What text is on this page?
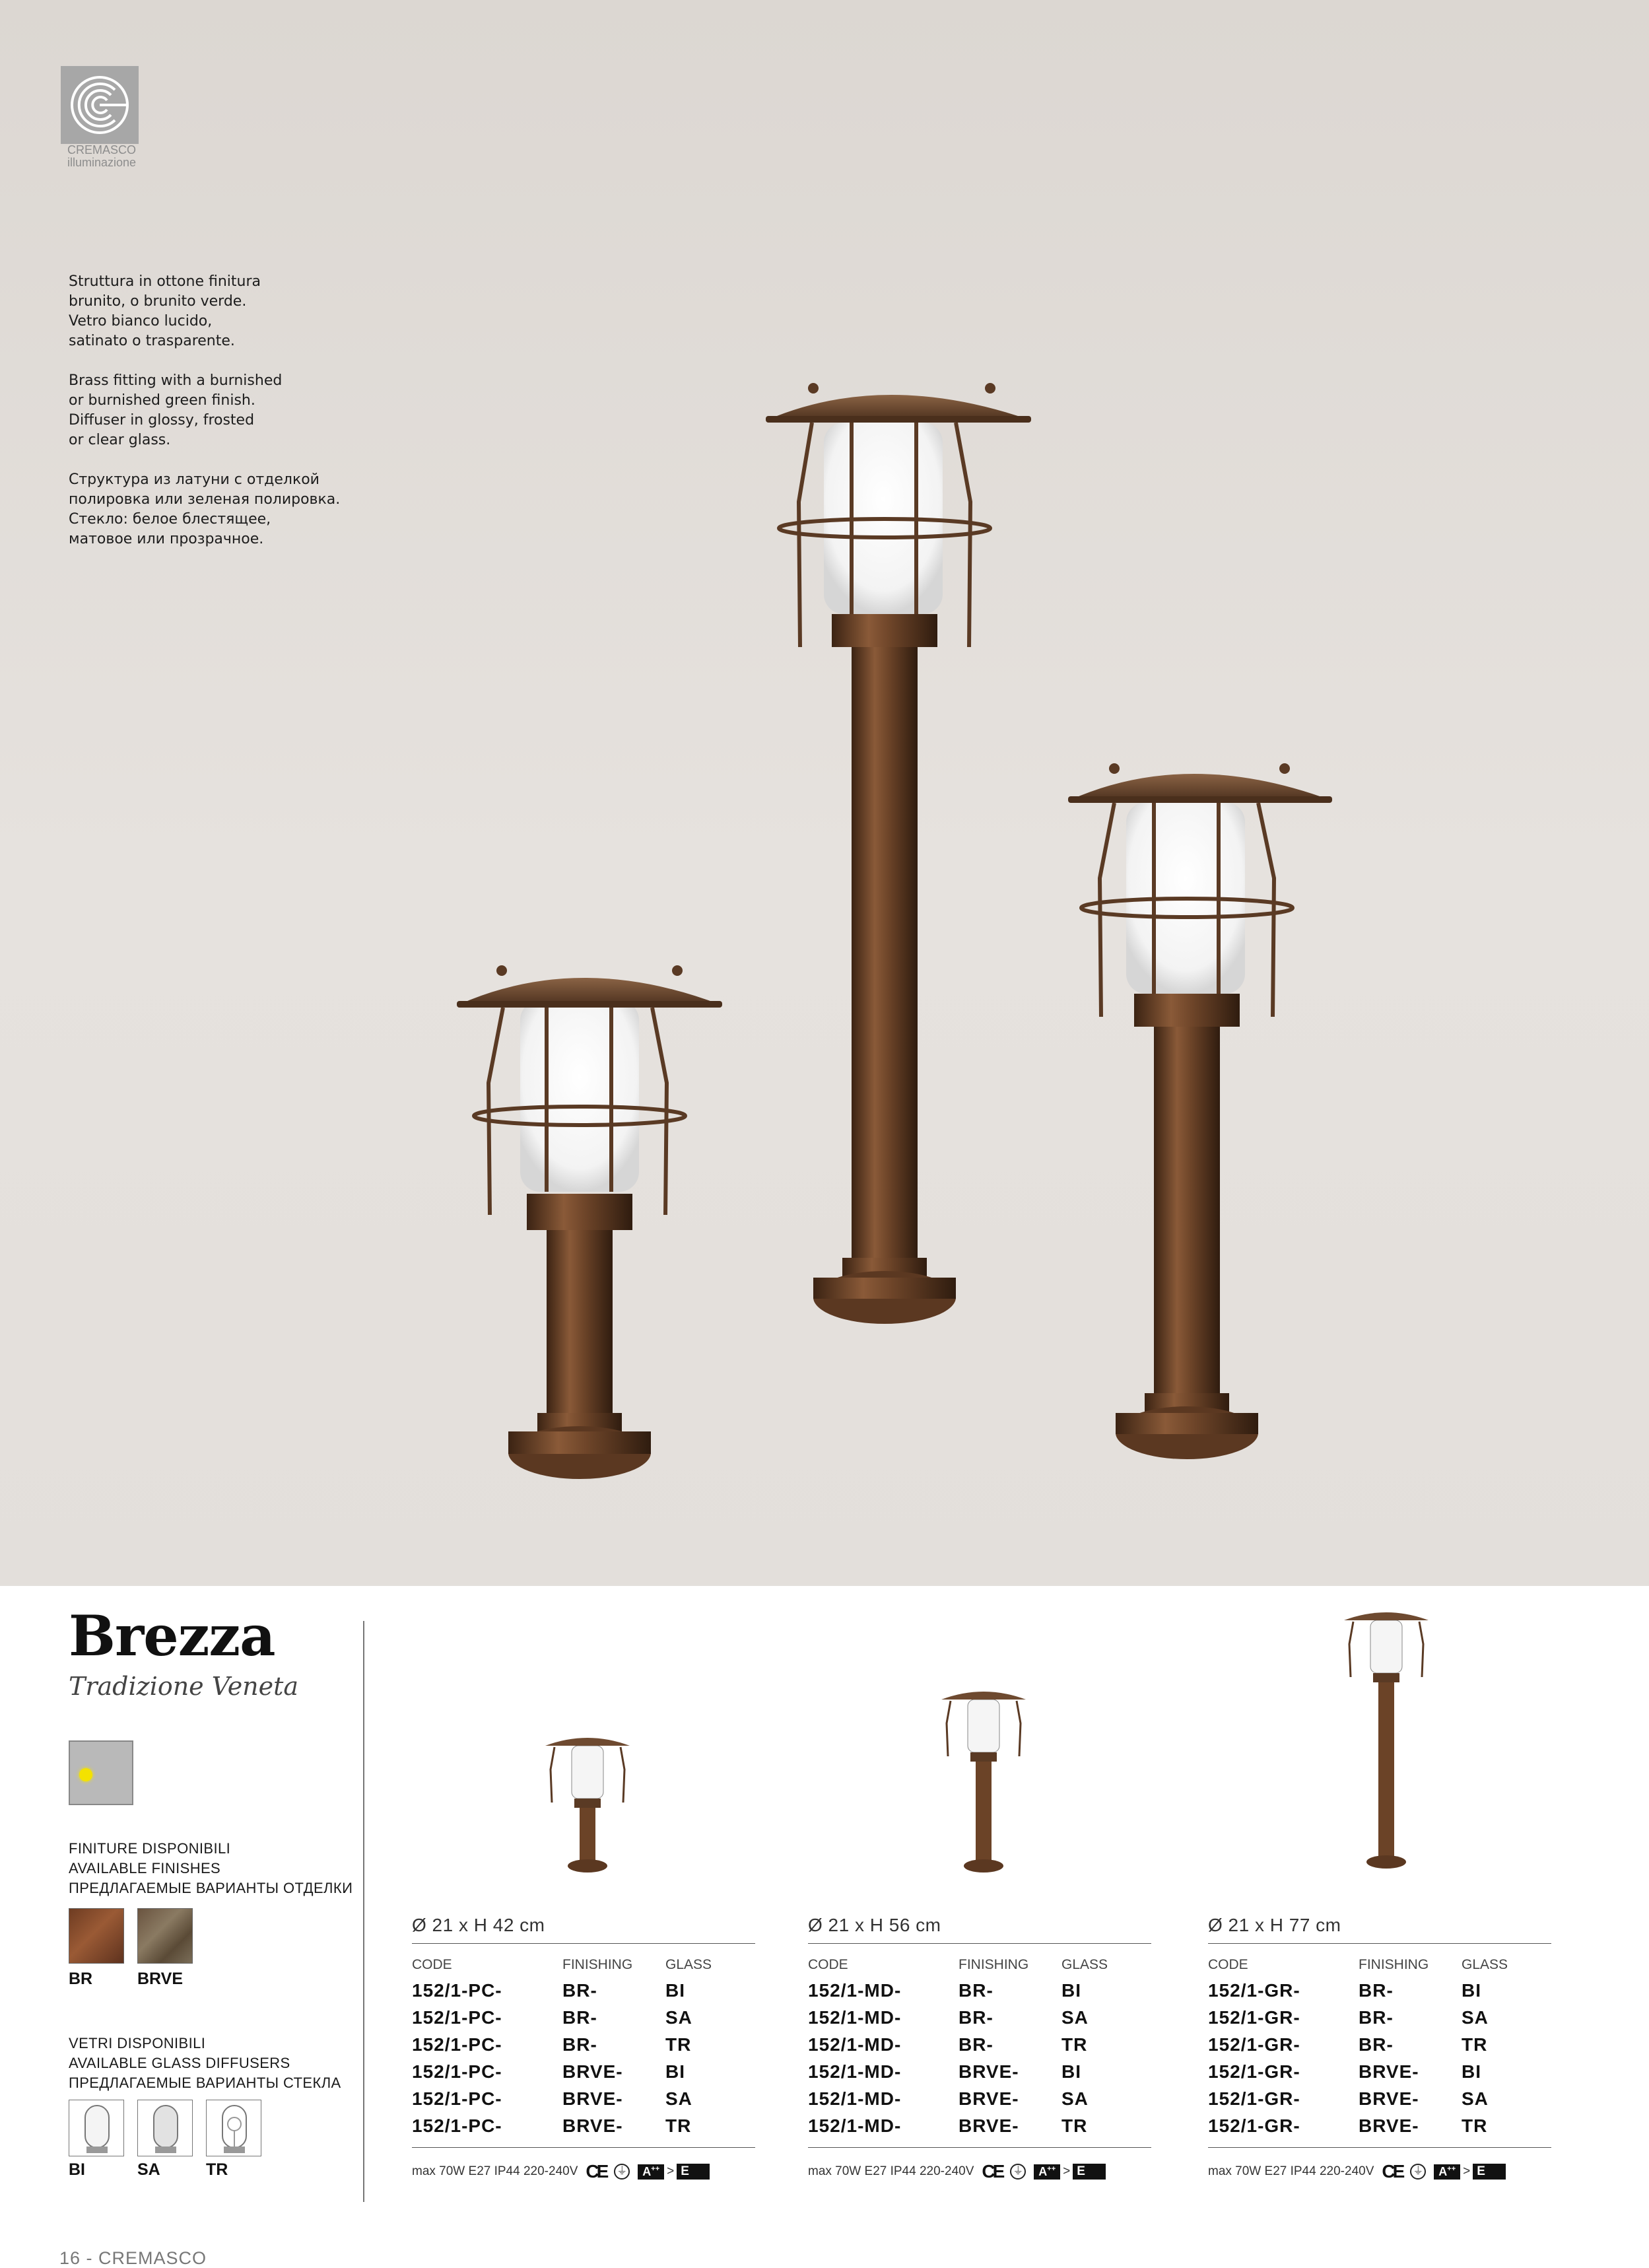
CREMASCO
illuminazione

Struttura in ottone finitura
brunito, o brunito verde.
Vetro bianco lucido,
satinato o trasparente.

Brass fitting with a burnished
or burnished green finish.
Diffuser in glossy, frosted
or clear glass.

Структура из латуни с отделкой
полировка или зеленая полировка.
Стекло: белое блестящее,
матовое или прозрачное.

Brezza
Tradizione Veneta
FINITURE DISPONIBILI
AVAILABLE FINISHES
ПРЕДЛАГАЕМЫЕ ВАРИАНТЫ ОТДЕЛКИ
BR	BRVE
VETRI DISPONIBILI
AVAILABLE GLASS DIFFUSERS
ПРЕДЛАГАЕМЫЕ ВАРИАНТЫ СТЕКЛА
BI	SA	TR
Ø 21 x H 42 cm
CODE	FINISHING	GLASS
152/1-PC-	BR-	BI
152/1-PC-	BR-	SA
152/1-PC-	BR-	TR
152/1-PC-	BRVE-	BI
152/1-PC-	BRVE-	SA
152/1-PC-	BRVE-	TR
max 70W E27 IP44 220-240V CE ⏚	A++ > E
Ø 21 x H 56 cm
CODE	FINISHING	GLASS
152/1-MD-	BR-	BI
152/1-MD-	BR-	SA
152/1-MD-	BR-	TR
152/1-MD-	BRVE-	BI
152/1-MD-	BRVE-	SA
152/1-MD-	BRVE-	TR
max 70W E27 IP44 220-240V CE ⏚	A++ > E
Ø 21 x H 77 cm
CODE	FINISHING	GLASS
152/1-GR-	BR-	BI
152/1-GR-	BR-	SA
152/1-GR-	BR-	TR
152/1-GR-	BRVE-	BI
152/1-GR-	BRVE-	SA
152/1-GR-	BRVE-	TR
max 70W E27 IP44 220-240V CE ⏚	A++ > E
16 - CREMASCO
